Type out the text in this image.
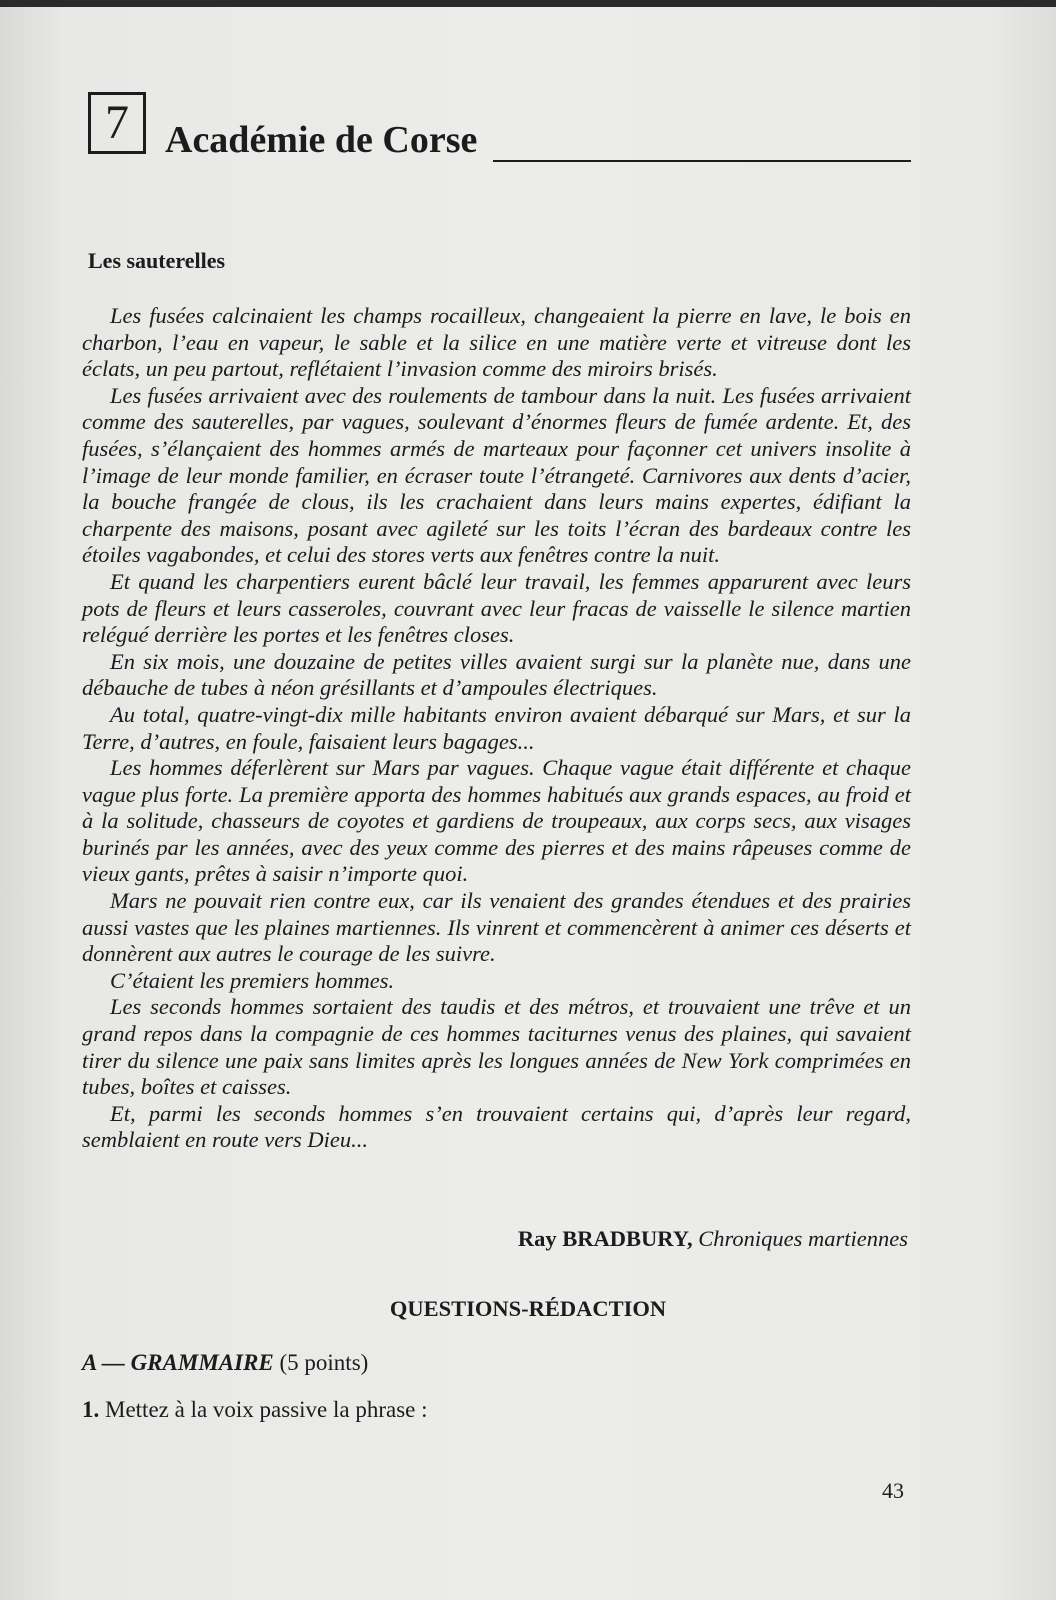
7 Académie de Corse
Les sauterelles

Les fusées calcinaient les champs rocailleux, changeaient la pierre en lave, le bois en charbon, l’eau en vapeur, le sable et la silice en une matière verte et vitreuse dont les éclats, un peu partout, reflétaient l’invasion comme des miroirs brisés.

Les fusées arrivaient avec des roulements de tambour dans la nuit. Les fusées arrivaient comme des sauterelles, par vagues, soulevant d’énormes fleurs de fumée ardente. Et, des fusées, s’élançaient des hommes armés de marteaux pour façonner cet univers insolite à l’image de leur monde familier, en écraser toute l’étrangeté. Carnivores aux dents d’acier, la bouche frangée de clous, ils les crachaient dans leurs mains expertes, édifiant la charpente des maisons, posant avec agileté sur les toits l’écran des bardeaux contre les étoiles vagabondes, et celui des stores verts aux fenêtres contre la nuit.

Et quand les charpentiers eurent bâclé leur travail, les femmes apparurent avec leurs pots de fleurs et leurs casseroles, couvrant avec leur fracas de vaisselle le silence martien relégué derrière les portes et les fenêtres closes.

En six mois, une douzaine de petites villes avaient surgi sur la planète nue, dans une débauche de tubes à néon grésillants et d’ampoules électriques.

Au total, quatre-vingt-dix mille habitants environ avaient débarqué sur Mars, et sur la Terre, d’autres, en foule, faisaient leurs bagages...

Les hommes déferlèrent sur Mars par vagues. Chaque vague était différente et chaque vague plus forte. La première apporta des hommes habitués aux grands espaces, au froid et à la solitude, chasseurs de coyotes et gardiens de troupeaux, aux corps secs, aux visages burinés par les années, avec des yeux comme des pierres et des mains râpeuses comme de vieux gants, prêtes à saisir n’importe quoi.

Mars ne pouvait rien contre eux, car ils venaient des grandes étendues et des prairies aussi vastes que les plaines martiennes. Ils vinrent et commencèrent à animer ces déserts et donnèrent aux autres le courage de les suivre.

C’étaient les premiers hommes.

Les seconds hommes sortaient des taudis et des métros, et trouvaient une trêve et un grand repos dans la compagnie de ces hommes taciturnes venus des plaines, qui savaient tirer du silence une paix sans limites après les longues années de New York comprimées en tubes, boîtes et caisses.

Et, parmi les seconds hommes s’en trouvaient certains qui, d’après leur regard, semblaient en route vers Dieu...

Ray BRADBURY, Chroniques martiennes
QUESTIONS-RÉDACTION
A — GRAMMAIRE (5 points)
1. Mettez à la voix passive la phrase :
43
